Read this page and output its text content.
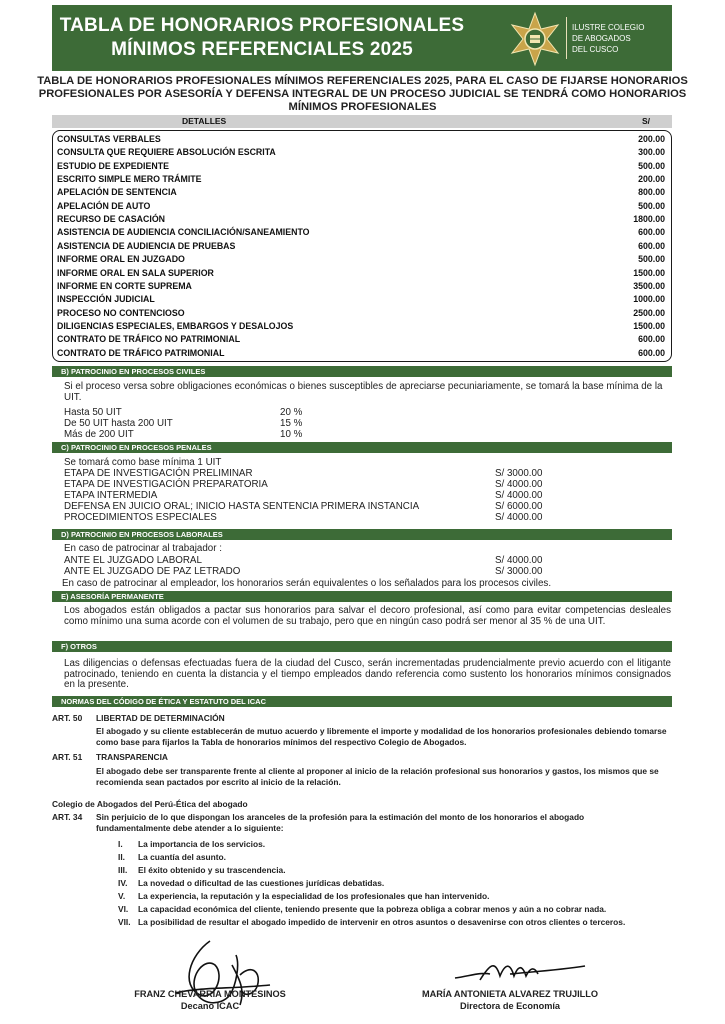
TABLA DE HONORARIOS PROFESIONALES
MÍNIMOS REFERENCIALES 2025
ILUSTRE COLEGIO
DE ABOGADOS
DEL CUSCO
TABLA DE HONORARIOS PROFESIONALES MÍNIMOS REFERENCIALES 2025, PARA EL CASO DE FIJARSE HONORARIOS PROFESIONALES POR ASESORÍA Y DEFENSA INTEGRAL DE UN PROCESO JUDICIAL SE TENDRÁ COMO HONORARIOS MÍNIMOS PROFESIONALES
DETALLES	S/
CONSULTAS VERBALES	200.00
CONSULTA QUE REQUIERE ABSOLUCIÓN ESCRITA	300.00
ESTUDIO DE EXPEDIENTE	500.00
ESCRITO SIMPLE MERO TRÁMITE	200.00
APELACIÓN DE SENTENCIA	800.00
APELACIÓN DE AUTO	500.00
RECURSO DE CASACIÓN	1800.00
ASISTENCIA DE AUDIENCIA CONCILIACIÓN/SANEAMIENTO	600.00
ASISTENCIA DE AUDIENCIA DE PRUEBAS	600.00
INFORME ORAL EN JUZGADO	500.00
INFORME ORAL EN SALA SUPERIOR	1500.00
INFORME EN CORTE SUPREMA	3500.00
INSPECCIÓN JUDICIAL	1000.00
PROCESO NO CONTENCIOSO	2500.00
DILIGENCIAS ESPECIALES, EMBARGOS Y DESALOJOS	1500.00
CONTRATO DE TRÁFICO NO PATRIMONIAL	600.00
CONTRATO DE TRÁFICO PATRIMONIAL	600.00
B) PATROCINIO EN PROCESOS CIVILES
Si el proceso versa sobre obligaciones económicas o bienes susceptibles de apreciarse pecuniariamente, se tomará la base mínima de la UIT.
Hasta 50 UIT	20 %
De 50 UIT hasta 200 UIT	15 %
Más de 200 UIT	10 %
C) PATROCINIO EN PROCESOS PENALES
Se tomará como base mínima 1 UIT
ETAPA DE INVESTIGACIÓN PRELIMINAR	S/ 3000.00
ETAPA DE INVESTIGACIÓN PREPARATORIA	S/ 4000.00
ETAPA INTERMEDIA	S/ 4000.00
DEFENSA EN JUICIO ORAL; INICIO HASTA SENTENCIA PRIMERA INSTANCIA	S/ 6000.00
PROCEDIMIENTOS ESPECIALES	S/ 4000.00
D) PATROCINIO EN PROCESOS LABORALES
En caso de patrocinar al trabajador :
ANTE EL JUZGADO LABORAL	S/ 4000.00
ANTE EL JUZGADO DE PAZ LETRADO	S/ 3000.00
En caso de patrocinar al empleador, los honorarios serán equivalentes o los señalados para los procesos civiles.
E) ASESORÍA PERMANENTE
Los abogados están obligados a pactar sus honorarios para salvar el decoro profesional, así como para evitar competencias desleales como mínimo una suma acorde con el volumen de su trabajo, pero que en ningún caso podrá ser menor al 35 % de una UIT.
F) OTROS
Las diligencias o defensas efectuadas fuera de la ciudad del Cusco, serán incrementadas prudencialmente previo acuerdo con el litigante patrocinado, teniendo en cuenta la distancia y el tiempo empleados dando referencia como sustento los honorarios mínimos consignados en la presente.
NORMAS DEL CÓDIGO DE ÉTICA Y ESTATUTO DEL ICAC
ART. 50 LIBERTAD DE DETERMINACIÓN
El abogado y su cliente establecerán de mutuo acuerdo y libremente el importe y modalidad de los honorarios profesionales debiendo tomarse como base para fijarlos la Tabla de honorarios mínimos del respectivo Colegio de Abogados.
ART. 51 TRANSPARENCIA
El abogado debe ser transparente frente al cliente al proponer al inicio de la relación profesional sus honorarios y gastos, los mismos que se recomienda sean pactados por escrito al inicio de la relación.
Colegio de Abogados del Perú-Ética del abogado
ART. 34 Sin perjuicio de lo que dispongan los aranceles de la profesión para la estimación del monto de los honorarios el abogado fundamentalmente debe atender a lo siguiente:
I. La importancia de los servicios.
II. La cuantía del asunto.
III. El éxito obtenido y su trascendencia.
IV. La novedad o dificultad de las cuestiones jurídicas debatidas.
V. La experiencia, la reputación y la especialidad de los profesionales que han intervenido.
VI. La capacidad económica del cliente, teniendo presente que la pobreza obliga a cobrar menos y aún a no cobrar nada.
VII. La posibilidad de resultar el abogado impedido de intervenir en otros asuntos o desavenirse con otros clientes o terceros.
FRANZ CHEVARRÍA MONTESINOS
Decano ICAC
MARÍA ANTONIETA ALVAREZ TRUJILLO
Directora de Economía
